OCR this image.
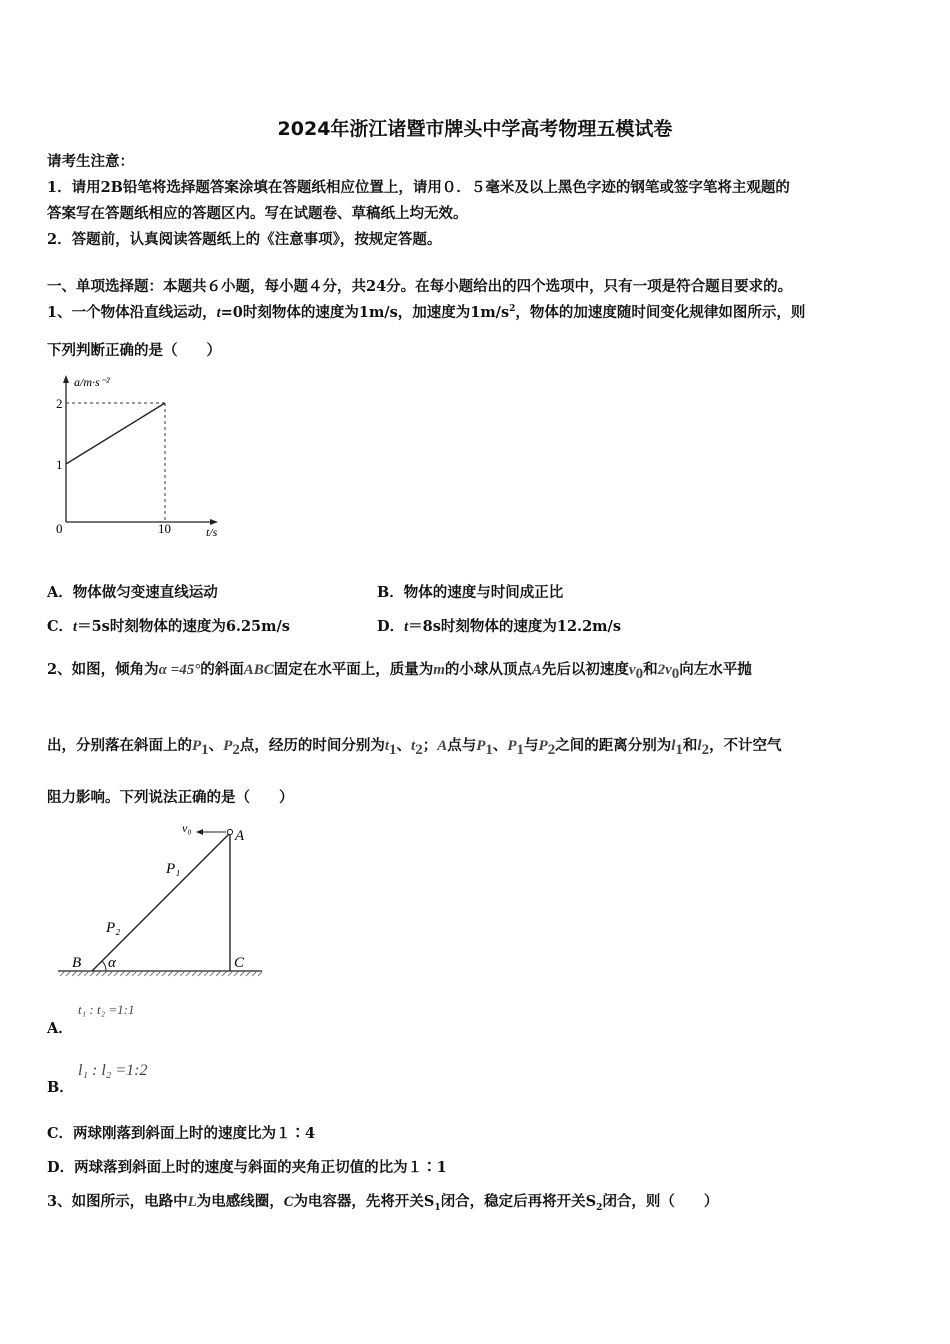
2024年浙江诸暨市牌头中学高考物理五模试卷
请考生注意：
1．请用2B铅笔将选择题答案涂填在答题纸相应位置上，请用０．５毫米及以上黑色字迹的钢笔或签字笔将主观题的
答案写在答题纸相应的答题区内。写在试题卷、草稿纸上均无效。
2．答题前，认真阅读答题纸上的《注意事项》，按规定答题。
一、单项选择题：本题共６小题，每小题４分，共24分。在每小题给出的四个选项中，只有一项是符合题目要求的。
1、一个物体沿直线运动，t=0时刻物体的速度为1m/s，加速度为$1m/s^2$，物体的加速度随时间变化规律如图所示，则
下列判断正确的是（　　）
a/m·s⁻²
2
1
0	10	t/s
A．物体做匀变速直线运动	B．物体的速度与时间成正比
C．t＝5s时刻物体的速度为6.25m/s	D．t＝8s时刻物体的速度为12.2m/s
2、如图，倾角为α =45°的斜面ABC固定在水平面上，质量为m的小球从顶点A先后以初速度$v_0$和$2v_0$向左水平抛
出，分别落在斜面上的$P_1$、$P_2$点，经历的时间分别为$t_1$、$t_2$；A点与$P_1$、$P_1$与$P_2$之间的距离分别为$l_1$和$l_2$，不计空气
阻力影响。下列说法正确的是（　　）
v₀	A
P₁
P₂
B α	C
A．
t₁ : t₂ =1:1
B．
l₁ : l₂ =1:2
C．两球刚落到斜面上时的速度比为１∶4
D．两球落到斜面上时的速度与斜面的夹角正切值的比为１∶1
3、如图所示，电路中L为电感线圈，C为电容器，先将开关$S_1$闭合，稳定后再将开关$S_2$闭合，则（　　）
